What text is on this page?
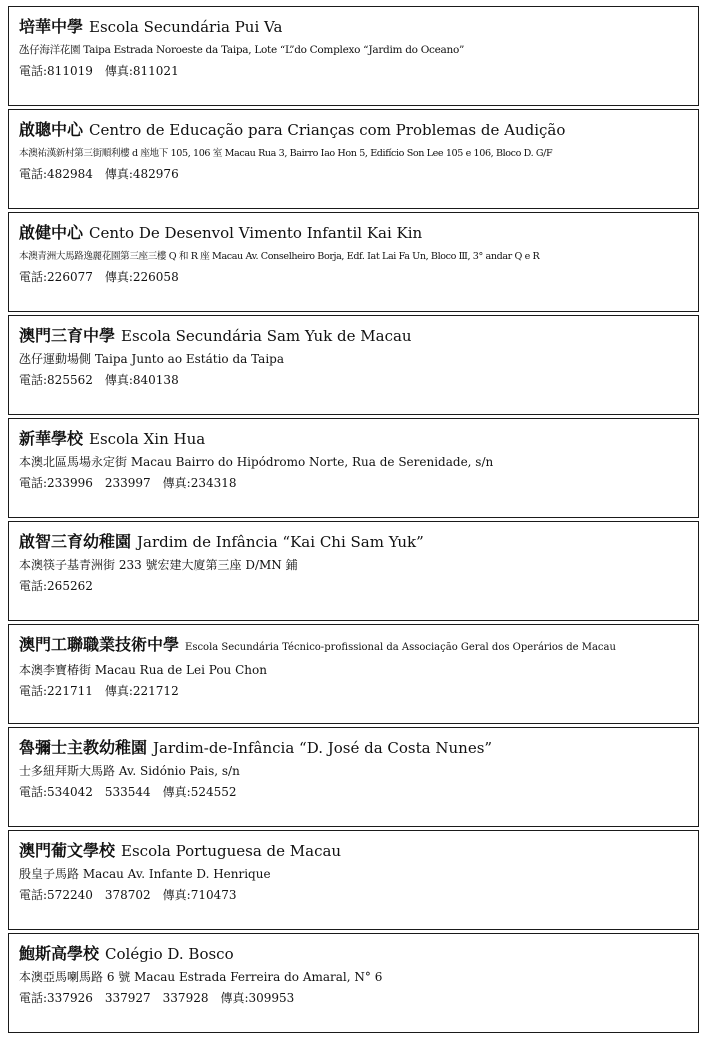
培華中學 Escola Secundária Pui Va
氹仔海洋花園 Taipa Estrada Noroeste da Taipa, Lote “L”do Complexo “Jardim do Oceano”
電話:811019　傳真:811021
啟聰中心 Centro de Educação para Crianças com Problemas de Audição
本澳祐漢新村第三街順利樓 d 座地下 105, 106 室 Macau Rua 3, Bairro Iao Hon 5, Edifício Son Lee 105 e 106, Bloco D. G/F
電話:482984　傳真:482976
啟健中心 Cento De Desenvol Vimento Infantil Kai Kin
本澳青洲大馬路逸麗花園第三座三樓 Q 和 R 座 Macau Av. Conselheiro Borja, Edf. Iat Lai Fa Un, Bloco Ⅲ, 3° andar Q e R
電話:226077　傳真:226058
澳門三育中學 Escola Secundária Sam Yuk de Macau
氹仔運動場側 Taipa Junto ao Estátio da Taipa
電話:825562　傳真:840138
新華學校 Escola Xin Hua
本澳北區馬場永定街 Macau Bairro do Hipódromo Norte, Rua de Serenidade, s/n
電話:233996　233997　傳真:234318
啟智三育幼稚園 Jardim de Infância “Kai Chi Sam Yuk”
本澳筷子基青洲街 233 號宏建大廈第三座 D/MN 鋪
電話:265262
澳門工聯職業技術中學 Escola Secundária Técnico-profissional da Associação Geral dos Operários de Macau
本澳李寶椿街 Macau Rua de Lei Pou Chon
電話:221711　傳真:221712
魯彌士主教幼稚園 Jardim-de-Infância “D. José da Costa Nunes”
士多紐拜斯大馬路 Av. Sidónio Pais, s/n
電話:534042　533544　傳真:524552
澳門葡文學校 Escola Portuguesa de Macau
殷皇子馬路 Macau Av. Infante D. Henrique
電話:572240　378702　傳真:710473
鮑斯高學校 Colégio D. Bosco
本澳亞馬喇馬路 6 號 Macau Estrada Ferreira do Amaral, N° 6
電話:337926　337927　337928　傳真:309953
